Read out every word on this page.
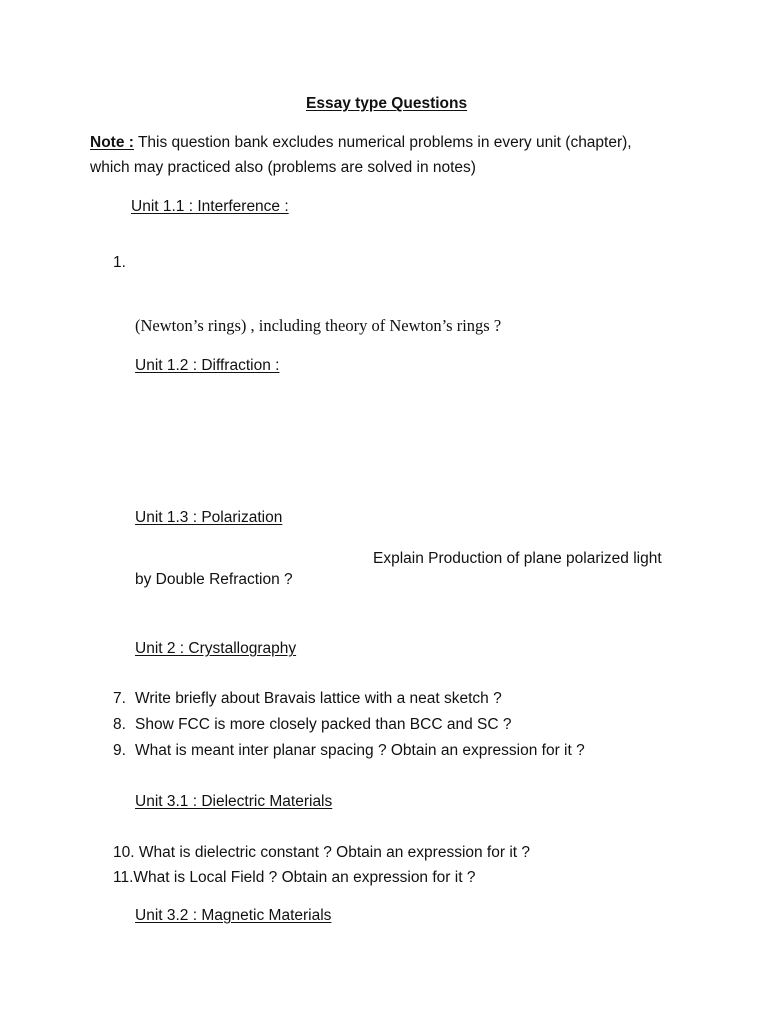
Essay type Questions
Note : This question bank excludes numerical problems in every unit (chapter),
which may practiced also (problems are solved in notes)
Unit 1.1 : Interference :
1.
(Newton’s rings) , including theory of Newton’s rings ?
Unit 1.2 : Diffraction :
Unit 1.3 : Polarization
Explain Production of plane polarized light
by Double Refraction ?
Unit 2 : Crystallography
7. Write briefly about Bravais lattice with a neat sketch ?
8. Show FCC is more closely packed than BCC and SC ?
9. What is meant inter planar spacing ? Obtain an expression for it ?
Unit 3.1 : Dielectric Materials
10. What is dielectric constant ? Obtain an expression for it ?
11.What is Local Field ? Obtain an expression for it ?
Unit 3.2 : Magnetic Materials
